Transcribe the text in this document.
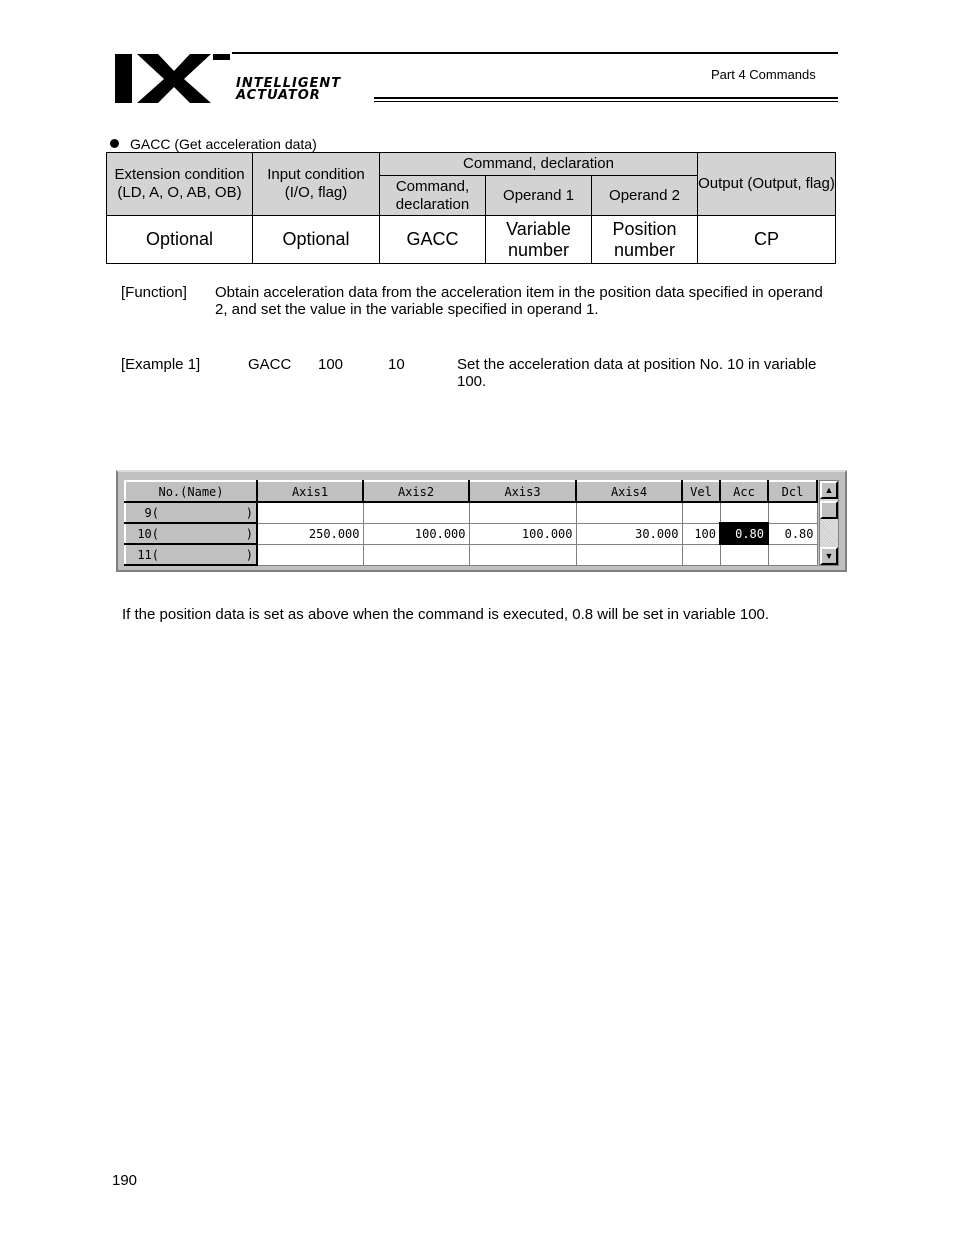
INTELLIGENT
ACTUATOR
Part 4 Commands
GACC (Get acceleration data)
Extension condition (LD, A, O, AB, OB)	Input condition (I/O, flag)	Command, declaration			Output (Output, flag)
		Command, declaration	Operand 1	Operand 2	
Optional	Optional	GACC	Variable number	Position number	CP
[Function] Obtain acceleration data from the acceleration item in the position data specified in operand
2, and set the value in the variable specified in operand 1.
[Example 1]	GACC 100	10	Set the acceleration data at position No. 10 in variable
100.
No.(Name)	Axis1	Axis2	Axis3	Axis4	Vel	Acc	Dcl
9( )							

10( )	250.000	100.000	100.000	30.000	100	0.80	0.80
11( )							

▲
▼
If the position data is set as above when the command is executed, 0.8 will be set in variable 100.
190
